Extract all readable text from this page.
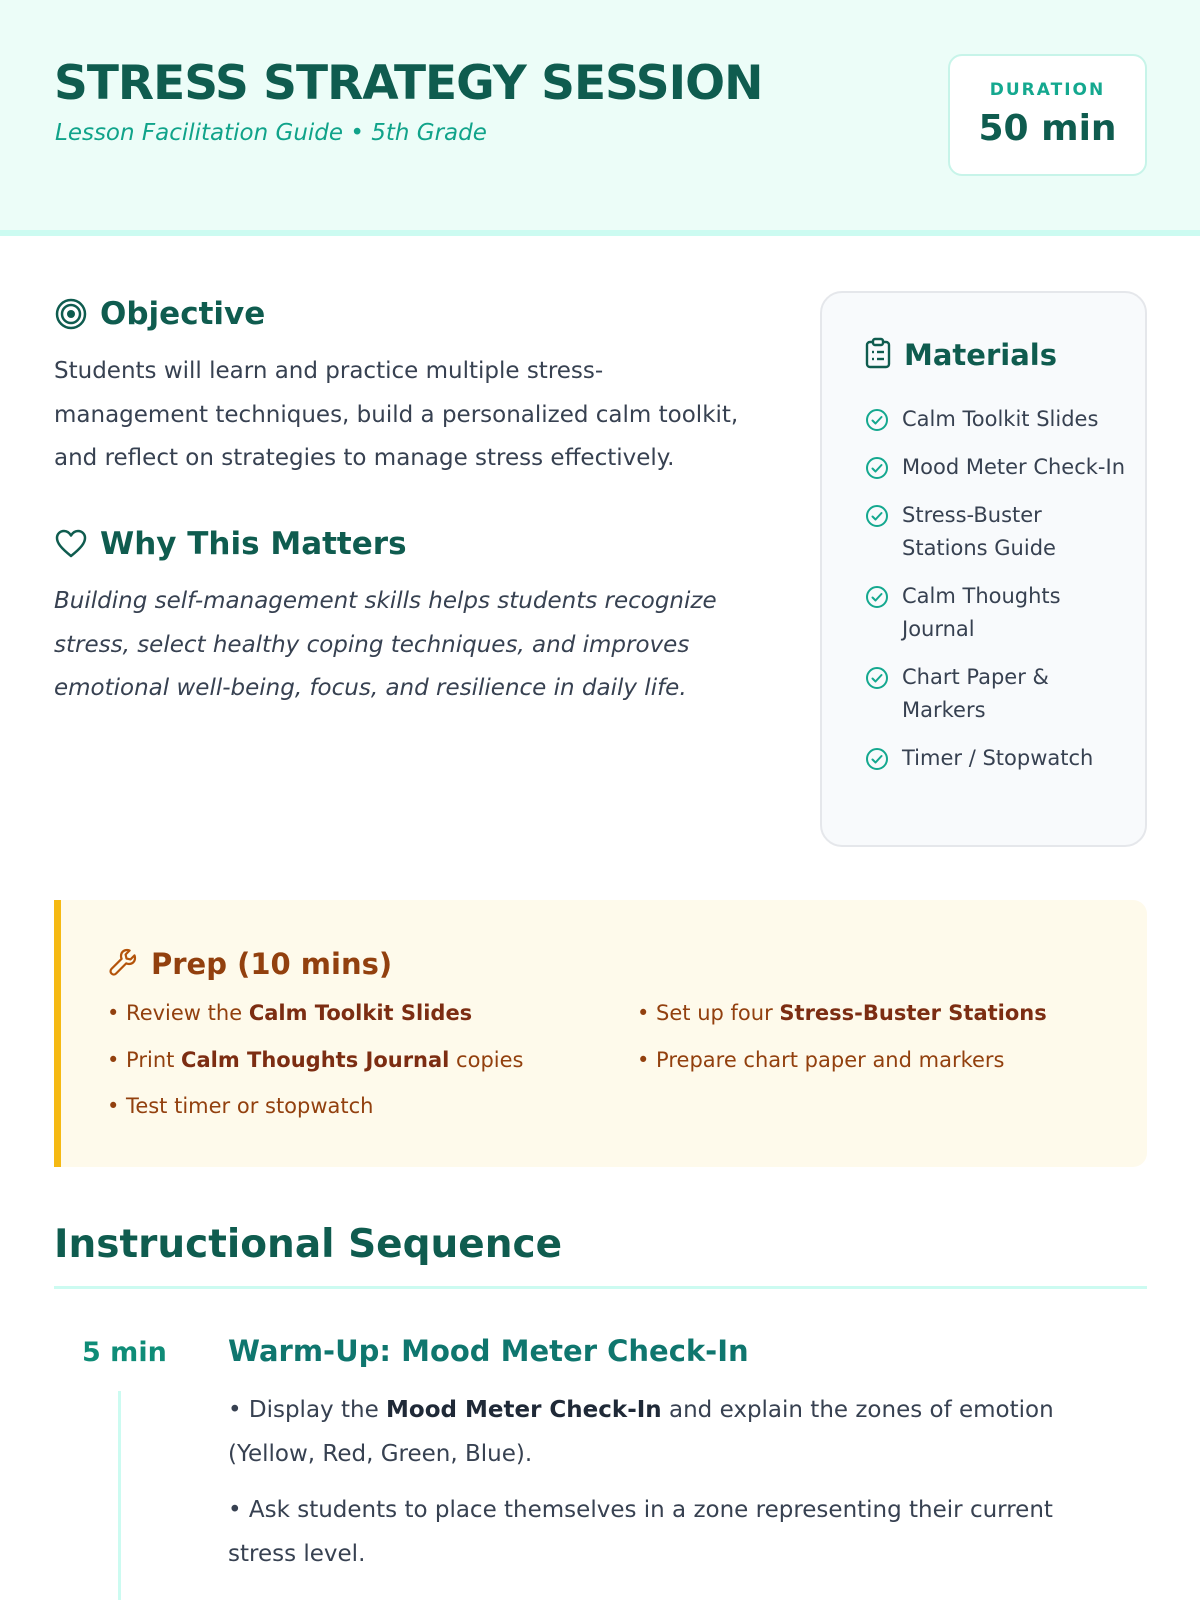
STRESS STRATEGY SESSION
Lesson Facilitation Guide • 5th Grade
DURATION
50 min
Objective
Students will learn and practice multiple stress-
management techniques, build a personalized calm toolkit,
and reflect on strategies to manage stress effectively.
Why This Matters
Building self-management skills helps students recognize
stress, select healthy coping techniques, and improves
emotional well-being, focus, and resilience in daily life.
Materials
Calm Toolkit Slides
Mood Meter Check-In
Stress-Buster Stations Guide
Calm Thoughts Journal
Chart Paper & Markers
Timer / Stopwatch
Prep (10 mins)
• Review the Calm Toolkit Slides	• Set up four Stress-Buster Stations
• Print Calm Thoughts Journal copies	• Prepare chart paper and markers
• Test timer or stopwatch
Instructional Sequence
5 min Warm-Up: Mood Meter Check-In
• Display the Mood Meter Check-In and explain the zones of emotion
(Yellow, Red, Green, Blue).
• Ask students to place themselves in a zone representing their current
stress level.
